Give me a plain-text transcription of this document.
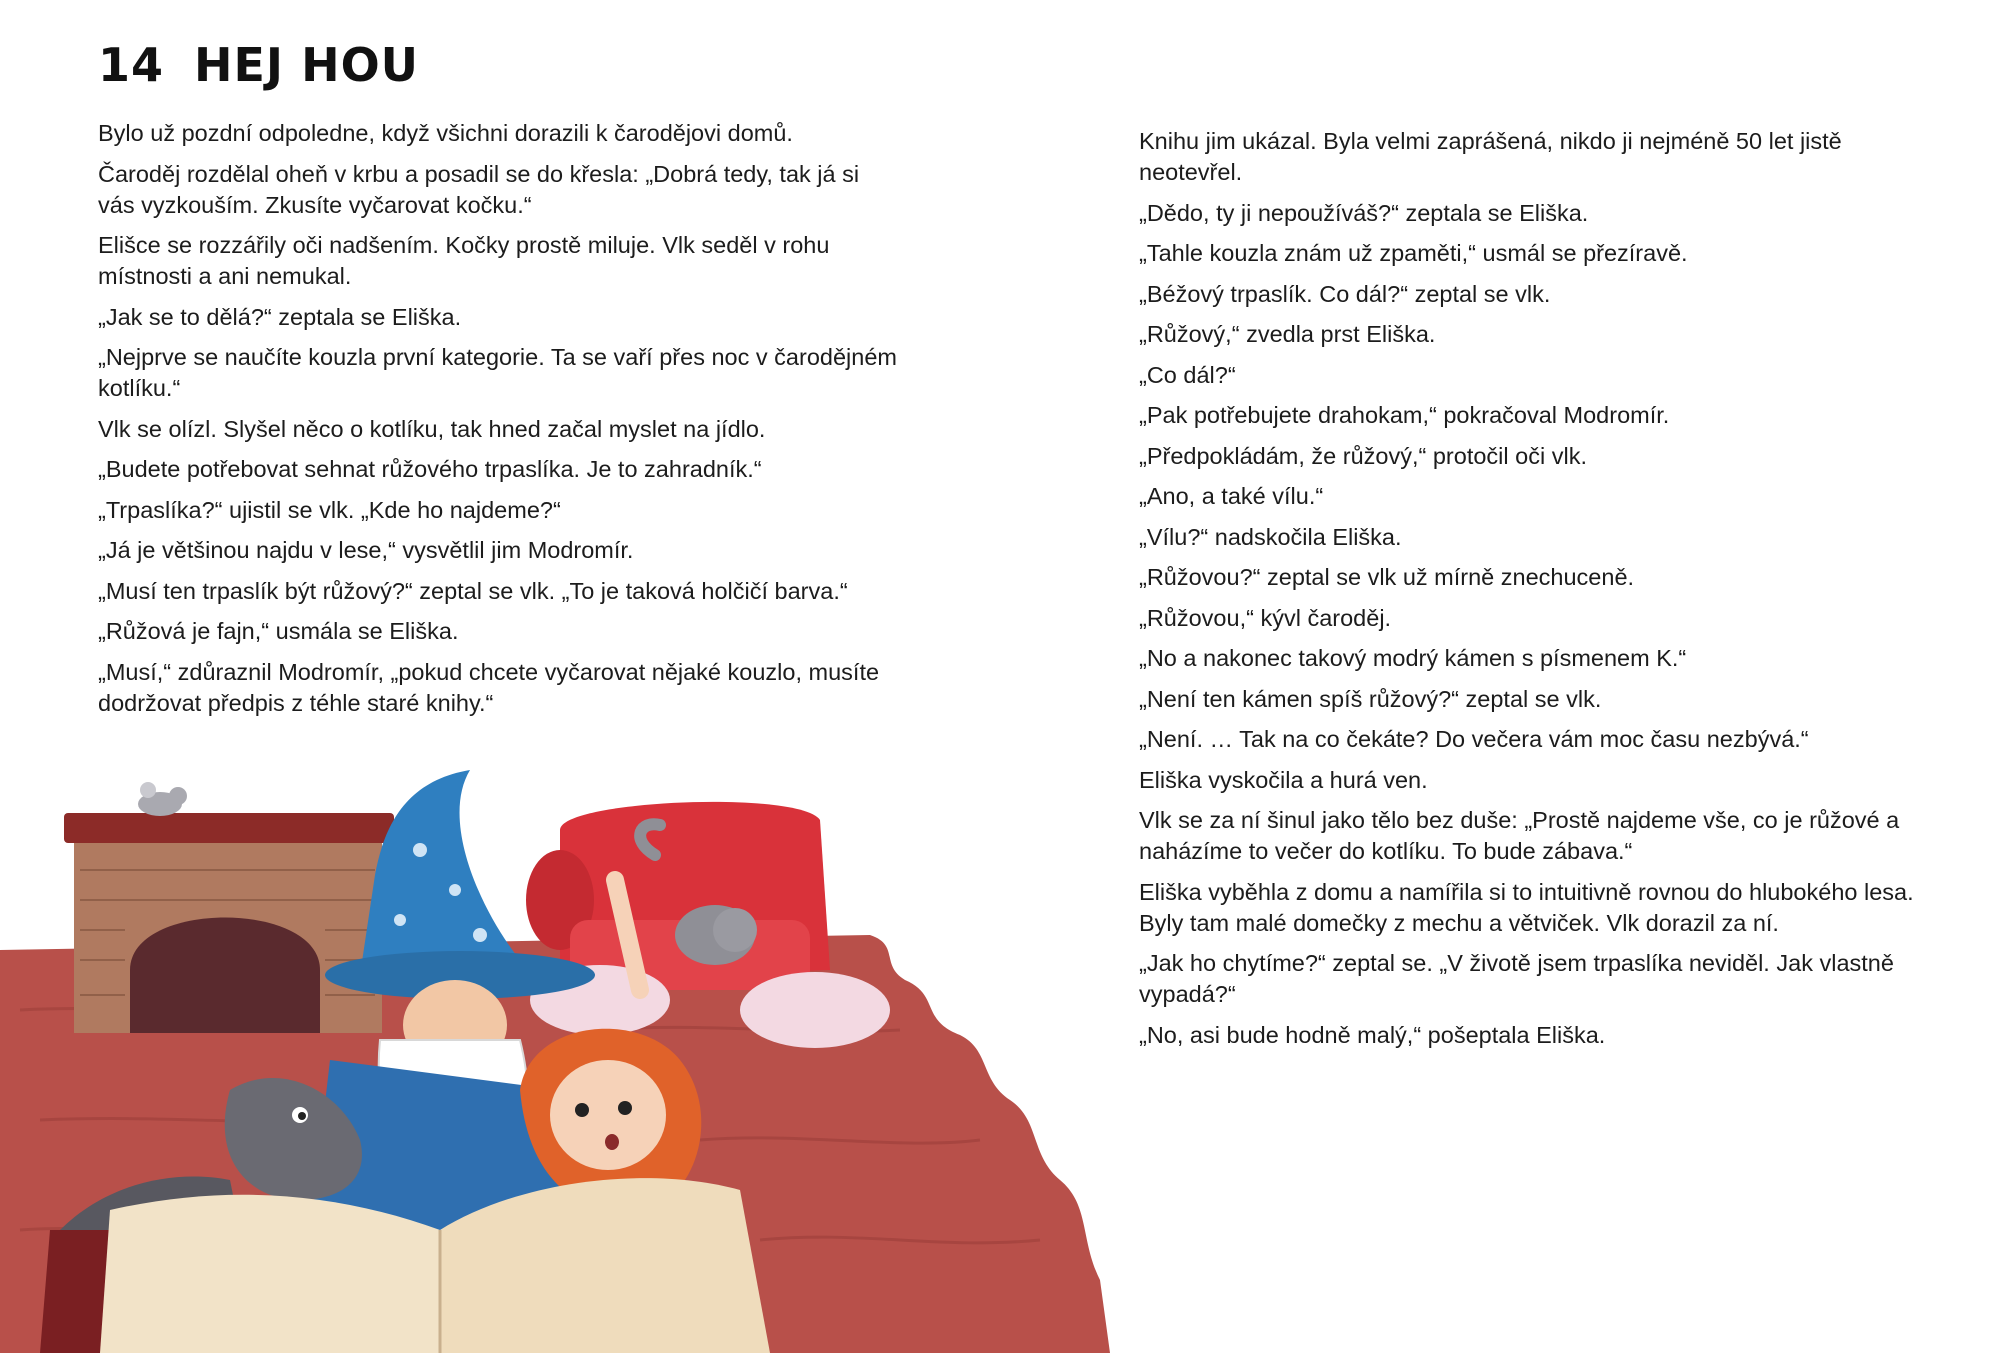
14 HEJ HOU

Bylo už pozdní odpoledne, když všichni dorazili k čarodějovi domů.

Čaroděj rozdělal oheň v krbu a posadil se do křesla: „Dobrá tedy, tak já si vás vyzkouším. Zkusíte vyčarovat kočku.“

Elišce se rozzářily oči nadšením. Kočky prostě miluje. Vlk seděl v rohu místnosti a ani nemukal.

„Jak se to dělá?“ zeptala se Eliška.

„Nejprve se naučíte kouzla první kategorie. Ta se vaří přes noc v čarodějném kotlíku.“

Vlk se olízl. Slyšel něco o kotlíku, tak hned začal myslet na jídlo.

„Budete potřebovat sehnat růžového trpaslíka. Je to zahradník.“

„Trpaslíka?“ ujistil se vlk. „Kde ho najdeme?“

„Já je většinou najdu v lese,“ vysvětlil jim Modromír.

„Musí ten trpaslík být růžový?“ zeptal se vlk. „To je taková holčičí barva.“

„Růžová je fajn,“ usmála se Eliška.

„Musí,“ zdůraznil Modromír, „pokud chcete vyčarovat nějaké kouzlo, musíte dodržovat předpis z téhle staré knihy.“

Knihu jim ukázal. Byla velmi zaprášená, nikdo ji nejméně 50 let jistě neotevřel.

„Dědo, ty ji nepoužíváš?“ zeptala se Eliška.

„Tahle kouzla znám už zpaměti,“ usmál se přezíravě.

„Béžový trpaslík. Co dál?“ zeptal se vlk.

„Růžový,“ zvedla prst Eliška.

„Co dál?“

„Pak potřebujete drahokam,“ pokračoval Modromír.

„Předpokládám, že růžový,“ protočil oči vlk.

„Ano, a také vílu.“

„Vílu?“ nadskočila Eliška.

„Růžovou?“ zeptal se vlk už mírně znechuceně.

„Růžovou,“ kývl čaroděj.

„No a nakonec takový modrý kámen s písmenem K.“

„Není ten kámen spíš růžový?“ zeptal se vlk.

„Není. … Tak na co čekáte? Do večera vám moc času nezbývá.“

Eliška vyskočila a hurá ven.

Vlk se za ní šinul jako tělo bez duše: „Prostě najdeme vše, co je růžové a naházíme to večer do kotlíku. To bude zábava.“

Eliška vyběhla z domu a namířila si to intuitivně rovnou do hlubokého lesa. Byly tam malé domečky z mechu a větviček. Vlk dorazil za ní.

„Jak ho chytíme?“ zeptal se. „V životě jsem trpaslíka neviděl. Jak vlastně vypadá?“

„No, asi bude hodně malý,“ pošeptala Eliška.
